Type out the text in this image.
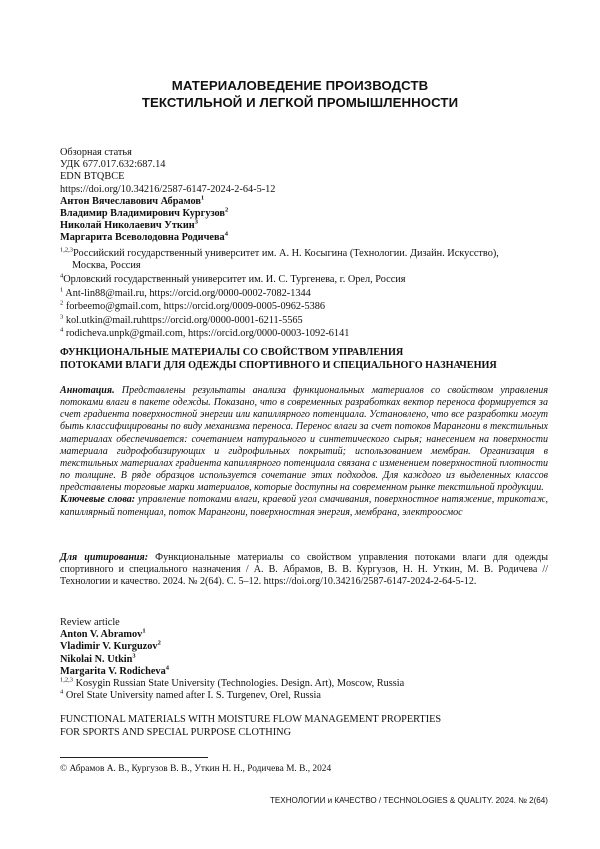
МАТЕРИАЛОВЕДЕНИЕ ПРОИЗВОДСТВ
ТЕКСТИЛЬНОЙ И ЛЕГКОЙ ПРОМЫШЛЕННОСТИ
Обзорная статья
УДК 677.017.632:687.14
EDN BTQBCE
https://doi.org/10.34216/2587-6147-2024-2-64-5-12
Антон Вячеславович Абрамов$^1$
Владимир Владимирович Кургузов$^2$
Николай Николаевич Уткин$^3$
Маргарита Всеволодовна Родичева$^4$
$^{1,2,3}$Российский государственный университет им. А. Н. Косыгина (Технологии. Дизайн. Искусство),
Москва, Россия
$^4$Орловский государственный университет им. И. С. Тургенева, г. Орел, Россия
$^1$ Ant-lin88@mail.ru, https://orcid.org/0000-0002-7082-1344
$^2$ forbeemo@gmail.com, https://orcid.org/0009-0005-0962-5386
$^3$ kol.utkin@mail.ruhttps://orcid.org/0000-0001-6211-5565
$^4$ rodicheva.unpk@gmail.com, https://orcid.org/0000-0003-1092-6141
ФУНКЦИОНАЛЬНЫЕ МАТЕРИАЛЫ СО СВОЙСТВОМ УПРАВЛЕНИЯ
ПОТОКАМИ ВЛАГИ ДЛЯ ОДЕЖДЫ СПОРТИВНОГО И СПЕЦИАЛЬНОГО НАЗНАЧЕНИЯ
Аннотация. Представлены результаты анализа функциональных материалов со свойством управления потоками влаги в пакете одежды. Показано, что в современных разработках вектор переноса формируется за счет градиента поверхностной энергии или капиллярного потенциала. Установлено, что все разработки могут быть классифицированы по виду механизма переноса. Перенос влаги за счет потоков Марангони в текстильных материалах обеспечивается: сочетанием натурального и синтетического сырья; нанесением на поверхности материала гидрофобизирующих и гидрофильных покрытий; использованием мембран. Организация в текстильных материалах градиента капиллярного потенциала связана с изменением поверхностной плотности по толщине. В ряде образцов используется сочетание этих подходов. Для каждого из выделенных классов представлены торговые марки материалов, которые доступны на современном рынке текстильной продукции.
Ключевые слова: управление потоками влаги, краевой угол смачивания, поверхностное натяжение, трикотаж, капиллярный потенциал, поток Марангони, поверхностная энергия, мембрана, электроосмос
Для цитирования: Функциональные материалы со свойством управления потоками влаги для одежды спортивного и специального назначения / А. В. Абрамов, В. В. Кургузов, Н. Н. Уткин, М. В. Родичева // Технологии и качество. 2024. № 2(64). С. 5–12. https://doi.org/10.34216/2587-6147-2024-2-64-5-12.
Review article
Anton V. Abramov$^1$
Vladimir V. Kurguzov$^2$
Nikolai N. Utkin$^3$
Margarita V. Rodicheva$^4$
$^{1,2,3}$ Kosygin Russian State University (Technologies. Design. Art), Moscow, Russia
$^4$ Orel State University named after I. S. Turgenev, Orel, Russia
FUNCTIONAL MATERIALS WITH MOISTURE FLOW MANAGEMENT PROPERTIES
FOR SPORTS AND SPECIAL PURPOSE CLOTHING
© Абрамов А. В., Кургузов В. В., Уткин Н. Н., Родичева М. В., 2024
ТЕХНОЛОГИИ и КАЧЕСТВО / TECHNOLOGIES & QUALITY. 2024. № 2(64)
